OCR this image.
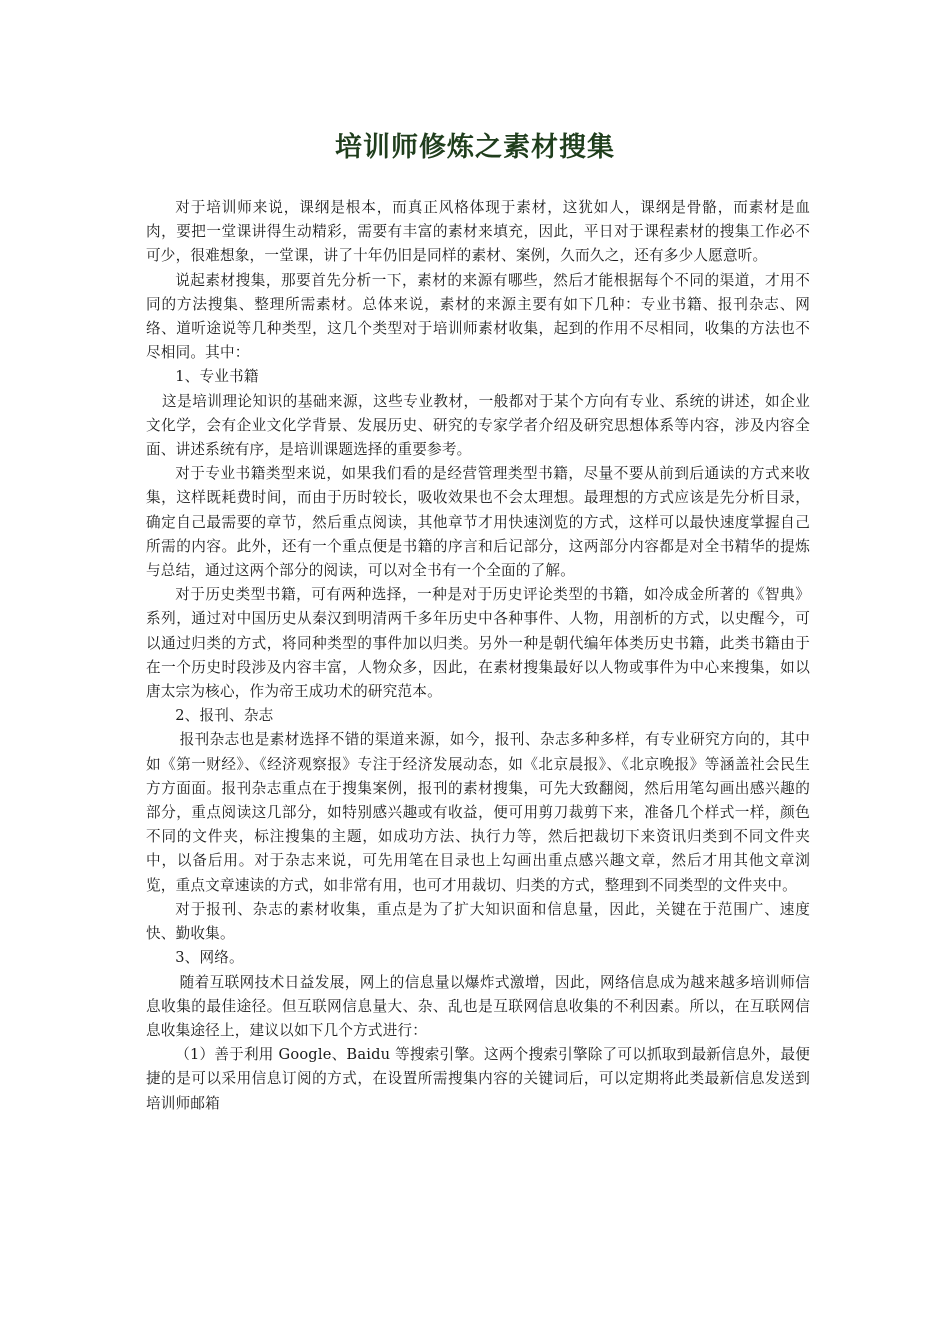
培训师修炼之素材搜集

对于培训师来说，课纲是根本，而真正风格体现于素材，这犹如人，课纲是骨骼，而素材是血肉，要把一堂课讲得生动精彩，需要有丰富的素材来填充，因此，平日对于课程素材的搜集工作必不可少，很难想象，一堂课，讲了十年仍旧是同样的素材、案例，久而久之，还有多少人愿意听。

说起素材搜集，那要首先分析一下，素材的来源有哪些，然后才能根据每个不同的渠道，才用不同的方法搜集、整理所需素材。总体来说，素材的来源主要有如下几种：专业书籍、报刊杂志、网络、道听途说等几种类型，这几个类型对于培训师素材收集，起到的作用不尽相同，收集的方法也不尽相同。其中：

1、专业书籍

这是培训理论知识的基础来源，这些专业教材，一般都对于某个方向有专业、系统的讲述，如企业文化学，会有企业文化学背景、发展历史、研究的专家学者介绍及研究思想体系等内容，涉及内容全面、讲述系统有序，是培训课题选择的重要参考。

对于专业书籍类型来说，如果我们看的是经营管理类型书籍，尽量不要从前到后通读的方式来收集，这样既耗费时间，而由于历时较长，吸收效果也不会太理想。最理想的方式应该是先分析目录，确定自己最需要的章节，然后重点阅读，其他章节才用快速浏览的方式，这样可以最快速度掌握自己所需的内容。此外，还有一个重点便是书籍的序言和后记部分，这两部分内容都是对全书精华的提炼与总结，通过这两个部分的阅读，可以对全书有一个全面的了解。

对于历史类型书籍，可有两种选择，一种是对于历史评论类型的书籍，如冷成金所著的《智典》系列，通过对中国历史从秦汉到明清两千多年历史中各种事件、人物，用剖析的方式，以史醒今，可以通过归类的方式，将同种类型的事件加以归类。另外一种是朝代编年体类历史书籍，此类书籍由于在一个历史时段涉及内容丰富，人物众多，因此，在素材搜集最好以人物或事件为中心来搜集，如以唐太宗为核心，作为帝王成功术的研究范本。

2、报刊、杂志

报刊杂志也是素材选择不错的渠道来源，如今，报刊、杂志多种多样，有专业研究方向的，其中如《第一财经》、《经济观察报》专注于经济发展动态，如《北京晨报》、《北京晚报》等涵盖社会民生方方面面。报刊杂志重点在于搜集案例，报刊的素材搜集，可先大致翻阅，然后用笔勾画出感兴趣的部分，重点阅读这几部分，如特别感兴趣或有收益，便可用剪刀裁剪下来，准备几个样式一样，颜色不同的文件夹，标注搜集的主题，如成功方法、执行力等，然后把裁切下来资讯归类到不同文件夹中，以备后用。对于杂志来说，可先用笔在目录也上勾画出重点感兴趣文章，然后才用其他文章浏览，重点文章速读的方式，如非常有用，也可才用裁切、归类的方式，整理到不同类型的文件夹中。

对于报刊、杂志的素材收集，重点是为了扩大知识面和信息量，因此，关键在于范围广、速度快、勤收集。

3、网络。

随着互联网技术日益发展，网上的信息量以爆炸式激增，因此，网络信息成为越来越多培训师信息收集的最佳途径。但互联网信息量大、杂、乱也是互联网信息收集的不利因素。所以，在互联网信息收集途径上，建议以如下几个方式进行：

（1）善于利用 Google、Baidu 等搜索引擎。这两个搜索引擎除了可以抓取到最新信息外，最便捷的是可以采用信息订阅的方式，在设置所需搜集内容的关键词后，可以定期将此类最新信息发送到培训师邮箱
